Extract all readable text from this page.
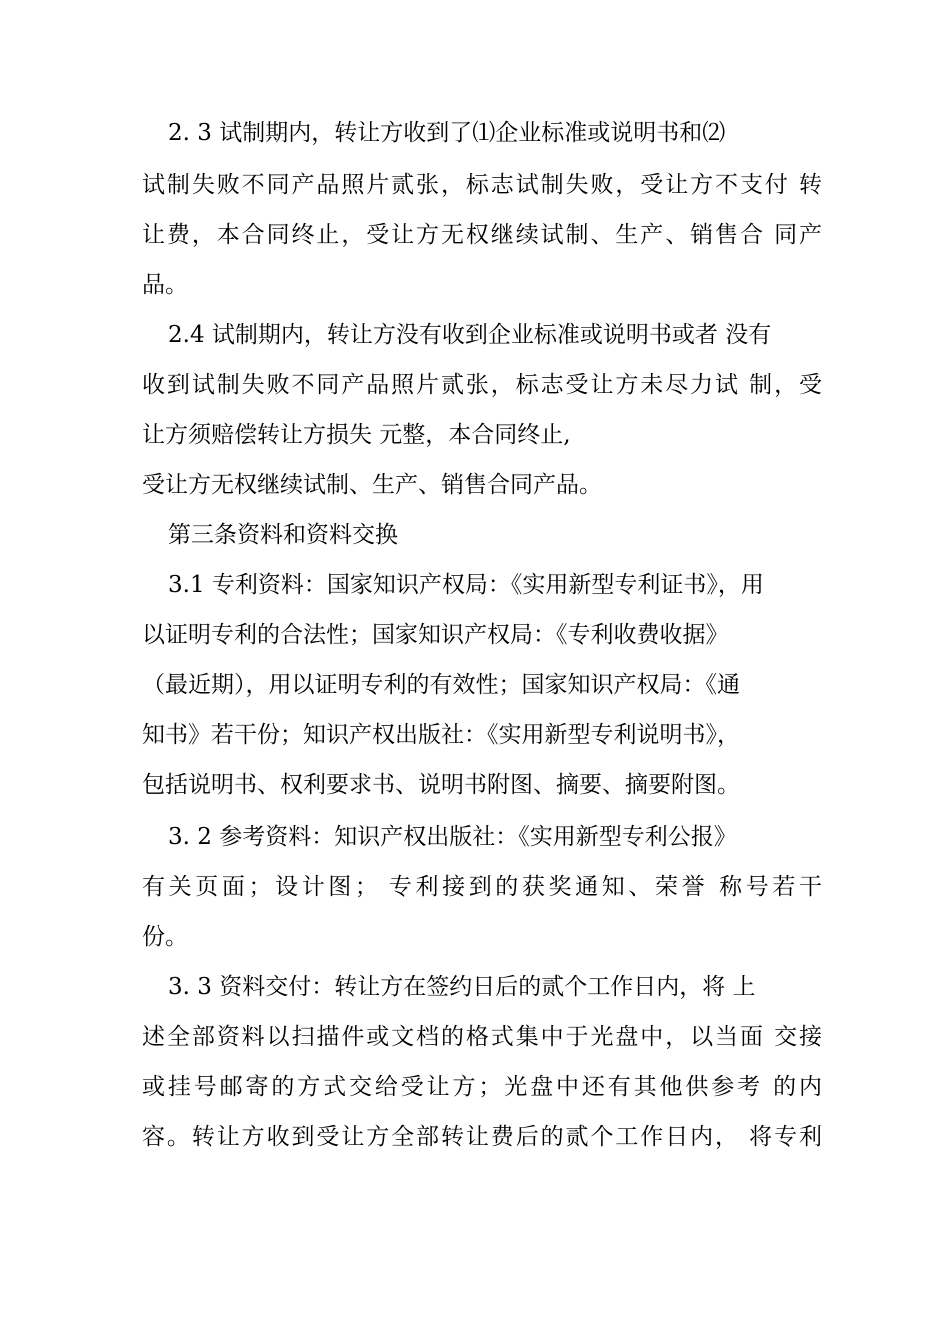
2. 3 试制期内，转让方收到了⑴企业标准或说明书和⑵
试制失败不同产品照片贰张，标志试制失败，受让方不支付 转
让费，本合同终止，受让方无权继续试制、生产、销售合 同产
品。
2.4 试制期内，转让方没有收到企业标准或说明书或者 没有
收到试制失败不同产品照片贰张，标志受让方未尽力试 制，受
让方须赔偿转让方损失 元整，本合同终止,
受让方无权继续试制、生产、销售合同产品。
第三条资料和资料交换
3.1 专利资料：国家知识产权局：《实用新型专利证书》，用
以证明专利的合法性；国家知识产权局：《专利收费收据》
（最近期），用以证明专利的有效性；国家知识产权局：《通
知书》若干份；知识产权出版社：《实用新型专利说明书》，
包括说明书、权利要求书、说明书附图、摘要、摘要附图。
3. 2 参考资料：知识产权出版社：《实用新型专利公报》
有关页面；设计图； 专利接到的获奖通知、荣誉 称号若干
份。
3. 3 资料交付：转让方在签约日后的贰个工作日内，将 上
述全部资料以扫描件或文档的格式集中于光盘中，以当面 交接
或挂号邮寄的方式交给受让方；光盘中还有其他供参考 的内
容。转让方收到受让方全部转让费后的贰个工作日内， 将专利
